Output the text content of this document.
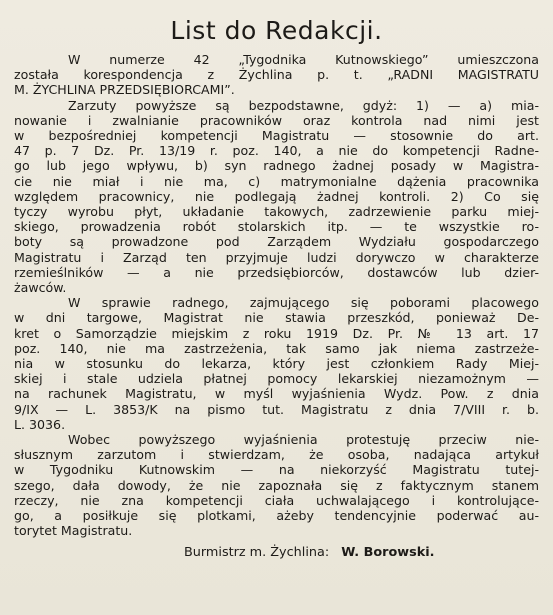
List do Redakcji.
W numerze 42 „Tygodnika Kutnowskiego” umieszczona
została korespondencja z Żychlina p. t. „RADNI MAGISTRATU
M. ŻYCHLINA PRZEDSIĘBIORCAMI”.
Zarzuty powyższe są bezpodstawne, gdyż: 1) — a) mia-
nowanie i zwalnianie pracowników oraz kontrola nad nimi jest
w bezpośredniej kompetencji Magistratu — stosownie do art.
47 p. 7 Dz. Pr. 13/19 r. poz. 140, a nie do kompetencji Radne-
go lub jego wpływu, b) syn radnego żadnej posady w Magistra-
cie nie miał i nie ma, c) matrymonialne dążenia pracownika
względem pracownicy, nie podlegają żadnej kontroli. 2) Co się
tyczy wyrobu płyt, układanie takowych, zadrzewienie parku miej-
skiego, prowadzenia robót stolarskich itp. — te wszystkie ro-
boty są prowadzone pod Zarządem Wydziału gospodarczego
Magistratu i Zarząd ten przyjmuje ludzi dorywczo w charakterze
rzemieślników — a nie przedsiębiorców, dostawców lub dzier-
żawców.
W sprawie radnego, zajmującego się poborami placowego
w dni targowe, Magistrat nie stawia przeszkód, ponieważ De-
kret o Samorządzie miejskim z roku 1919 Dz. Pr. № 13 art. 17
poz. 140, nie ma zastrzeżenia, tak samo jak niema zastrzeże-
nia w stosunku do lekarza, który jest członkiem Rady Miej-
skiej i stale udziela płatnej pomocy lekarskiej niezamożnym —
na rachunek Magistratu, w myśl wyjaśnienia Wydz. Pow. z dnia
9/IX — L. 3853/K na pismo tut. Magistratu z dnia 7/VIII r. b.
L. 3036.
Wobec powyższego wyjaśnienia protestuję przeciw nie-
słusznym zarzutom i stwierdzam, że osoba, nadająca artykuł
w Tygodniku Kutnowskim — na niekorzyść Magistratu tutej-
szego, dała dowody, że nie zapoznała się z faktycznym stanem
rzeczy, nie zna kompetencji ciała uchwalającego i kontrolujące-
go, a posiłkuje się plotkami, ażeby tendencyjnie poderwać au-
torytet Magistratu.
Burmistrz m. Żychlina: W. Borowski.
